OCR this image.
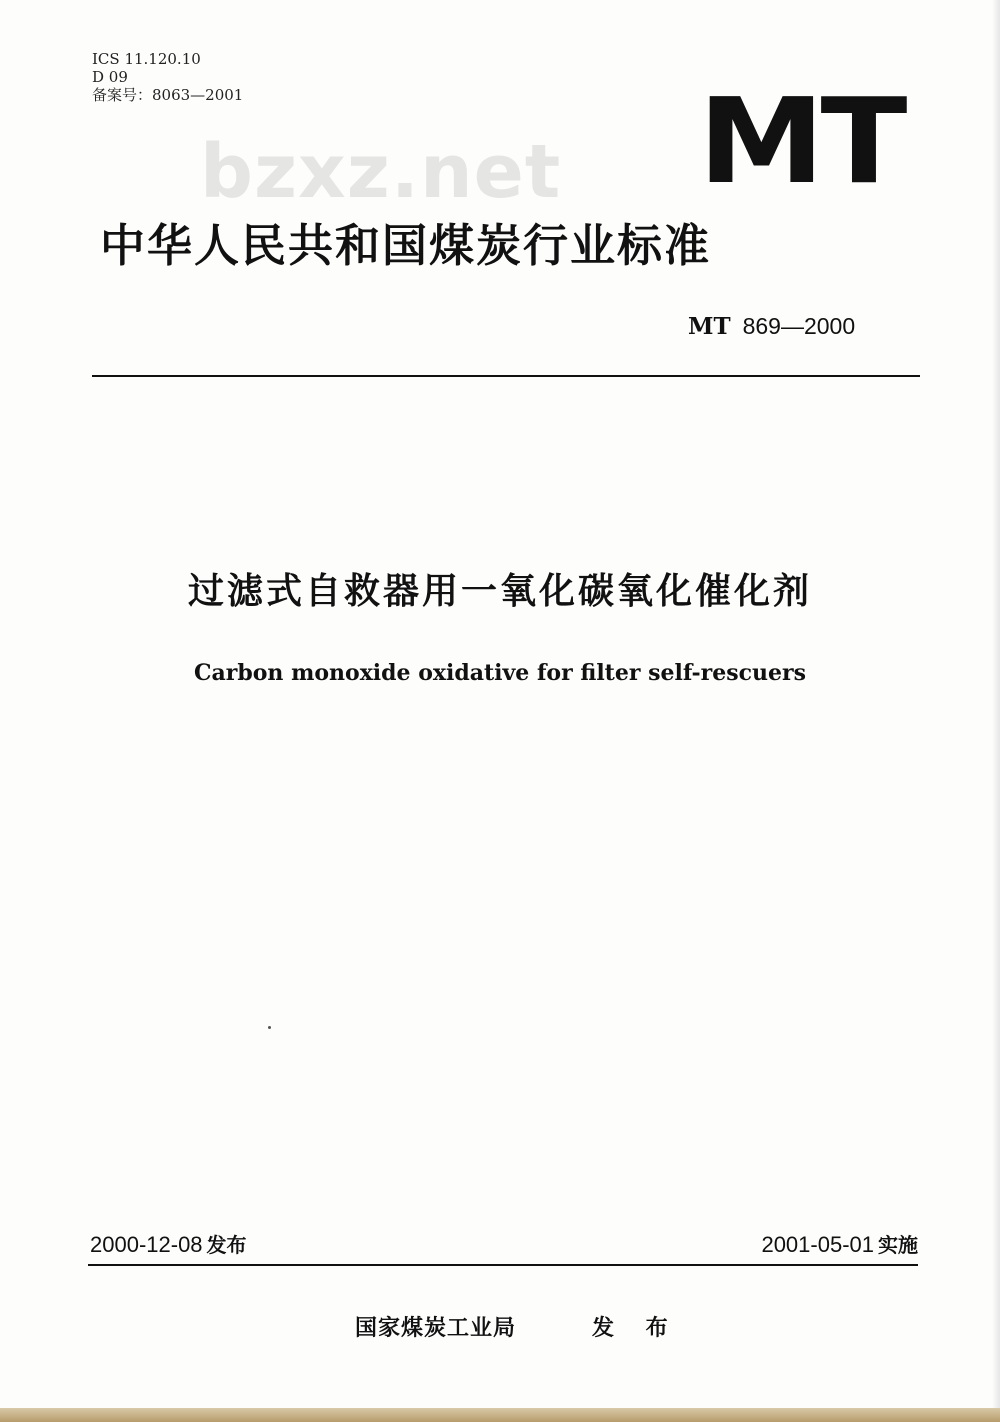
ICS 11.120.10
D 09
备案号：8063—2001	MT
bzxz.net
中华人民共和国煤炭行业标准
MT 869—2000
过滤式自救器用一氧化碳氧化催化剂
Carbon monoxide oxidative for filter self-rescuers
2000-12-08 发布	2001-05-01 实施
国家煤炭工业局	发 布
